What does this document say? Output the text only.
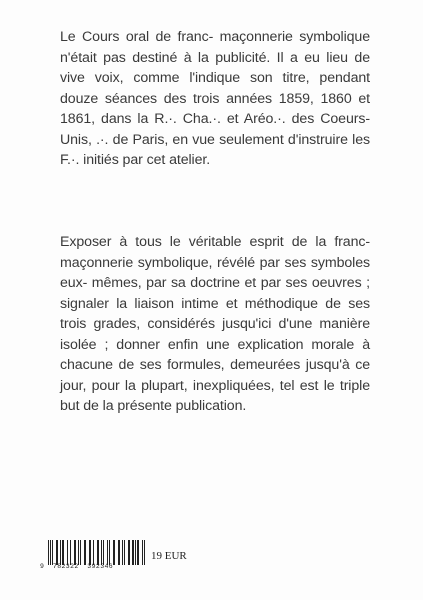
Le Cours oral de franc- maçonnerie symbolique n'était pas destiné à la publicité. Il a eu lieu de vive voix, comme l'indique son titre, pendant douze séances des trois années 1859, 1860 et 1861, dans la R.·. Cha.·. et Aréo.·. des Coeurs-Unis, .·. de Paris, en vue seulement d'instruire les F.·. initiés par cet atelier.

Exposer à tous le véritable esprit de la franc- maçonnerie symbolique, révélé par ses symboles eux- mêmes, par sa doctrine et par ses oeuvres ; signaler la liaison intime et méthodique de ses trois grades, considérés jusqu'ici d'une manière isolée ; donner enfin une explication morale à chacune de ses formules, demeurées jusqu'à ce jour, pour la plupart, inexpliquées, tel est le triple but de la présente publication.

9  782322  392346
19 EUR
